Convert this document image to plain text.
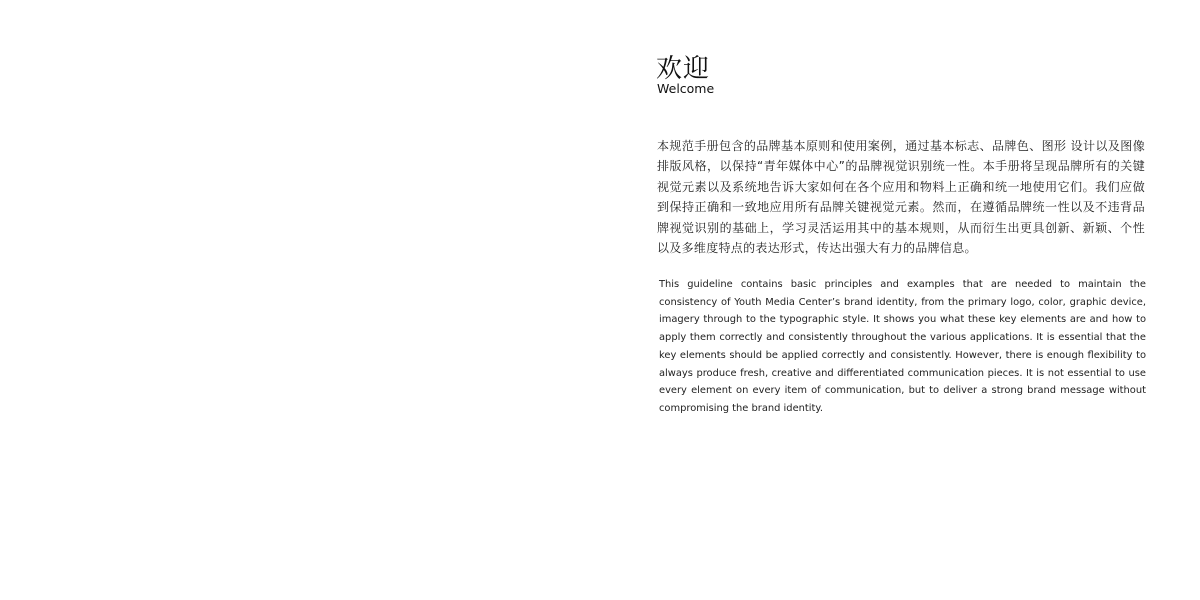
欢迎
Welcome
本规范手册包含的品牌基本原则和使用案例，通过基本标志、品牌色、图形 设计以及图像排版风格，以保持“青年媒体中心”的品牌视觉识别统一性。本手册将呈现品牌所有的关键视觉元素以及系统地告诉大家如何在各个应用和物料上正确和统一地使用它们。我们应做到保持正确和一致地应用所有品牌关键视觉元素。然而，在遵循品牌统一性以及不违背品牌视觉识别的基础上，学习灵活运用其中的基本规则，从而衍生出更具创新、新颖、个性以及多维度特点的表达形式，传达出强大有力的品牌信息。
This guideline contains basic principles and examples that are needed to maintain the consistency of Youth Media Center’s brand identity, from the primary logo, color, graphic device, imagery through to the typographic style. It shows you what these key elements are and how to apply them correctly and consistently throughout the various applications. It is essential that the key elements should be applied correctly and consistently. However, there is enough flexibility to always produce fresh, creative and differentiated communication pieces. It is not essential to use every element on every item of communication, but to deliver a strong brand message without compromising the brand identity.
